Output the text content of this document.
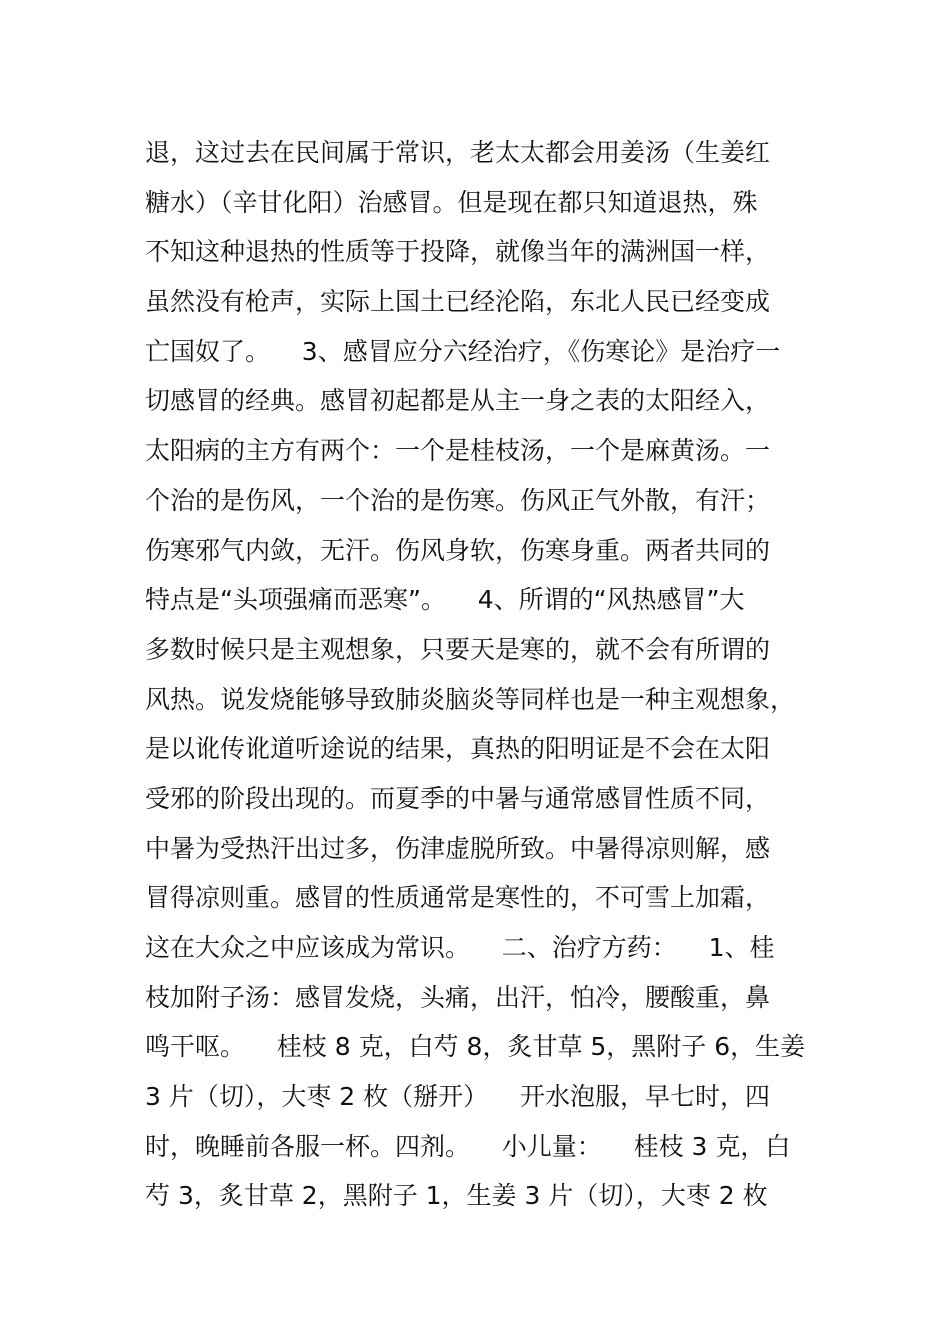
退，这过去在民间属于常识，老太太都会用姜汤（生姜红
糖水）（辛甘化阳）治感冒。但是现在都只知道退热，殊
不知这种退热的性质等于投降，就像当年的满洲国一样，
虽然没有枪声，实际上国土已经沦陷，东北人民已经变成
亡国奴了。    3、感冒应分六经治疗，《伤寒论》是治疗一
切感冒的经典。感冒初起都是从主一身之表的太阳经入，
太阳病的主方有两个：一个是桂枝汤，一个是麻黄汤。一
个治的是伤风，一个治的是伤寒。伤风正气外散，有汗；
伤寒邪气内敛，无汗。伤风身软，伤寒身重。两者共同的
特点是“头项强痛而恶寒”。    4、所谓的“风热感冒”大
多数时候只是主观想象，只要天是寒的，就不会有所谓的
风热。说发烧能够导致肺炎脑炎等同样也是一种主观想象，
是以讹传讹道听途说的结果，真热的阳明证是不会在太阳
受邪的阶段出现的。而夏季的中暑与通常感冒性质不同，
中暑为受热汗出过多，伤津虚脱所致。中暑得凉则解，感
冒得凉则重。感冒的性质通常是寒性的，不可雪上加霜，
这在大众之中应该成为常识。    二、治疗方药：    1、桂
枝加附子汤：感冒发烧，头痛，出汗，怕冷，腰酸重，鼻
鸣干呕。    桂枝 8 克，白芍 8，炙甘草 5，黑附子 6，生姜
3 片（切），大枣 2 枚（掰开）    开水泡服，早七时，四
时，晚睡前各服一杯。四剂。    小儿量：    桂枝 3 克，白
芍 3，炙甘草 2，黑附子 1，生姜 3 片（切），大枣 2 枚
